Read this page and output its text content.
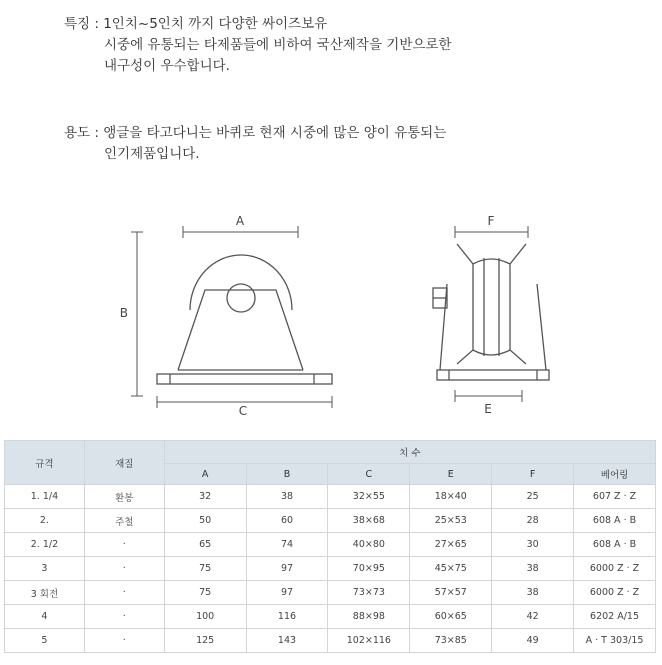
특징 : 1인치~5인치 까지 다양한 싸이즈보유
시중에 유통되는 타제품들에 비하여 국산제작을 기반으로한
내구성이 우수합니다.
용도 : 앵글을 타고다니는 바퀴로 현재 시중에 많은 양이 유통되는
인기제품입니다.
A
B
C
F
E
규격	재질	치 수					
		A	B	C	E	F	베어링
1. 1/4	환봉	32	38	32×55	18×40	25	607 Z · Z
2.	주철	50	60	38×68	25×53	28	608 A · B
2. 1/2	·	65	74	40×80	27×65	30	608 A · B
3	·	75	97	70×95	45×75	38	6000 Z · Z
3 회전	·	75	97	73×73	57×57	38	6000 Z · Z
4	·	100	116	88×98	60×65	42	6202 A/15
5	·	125	143	102×116	73×85	49	A · T 303/15
